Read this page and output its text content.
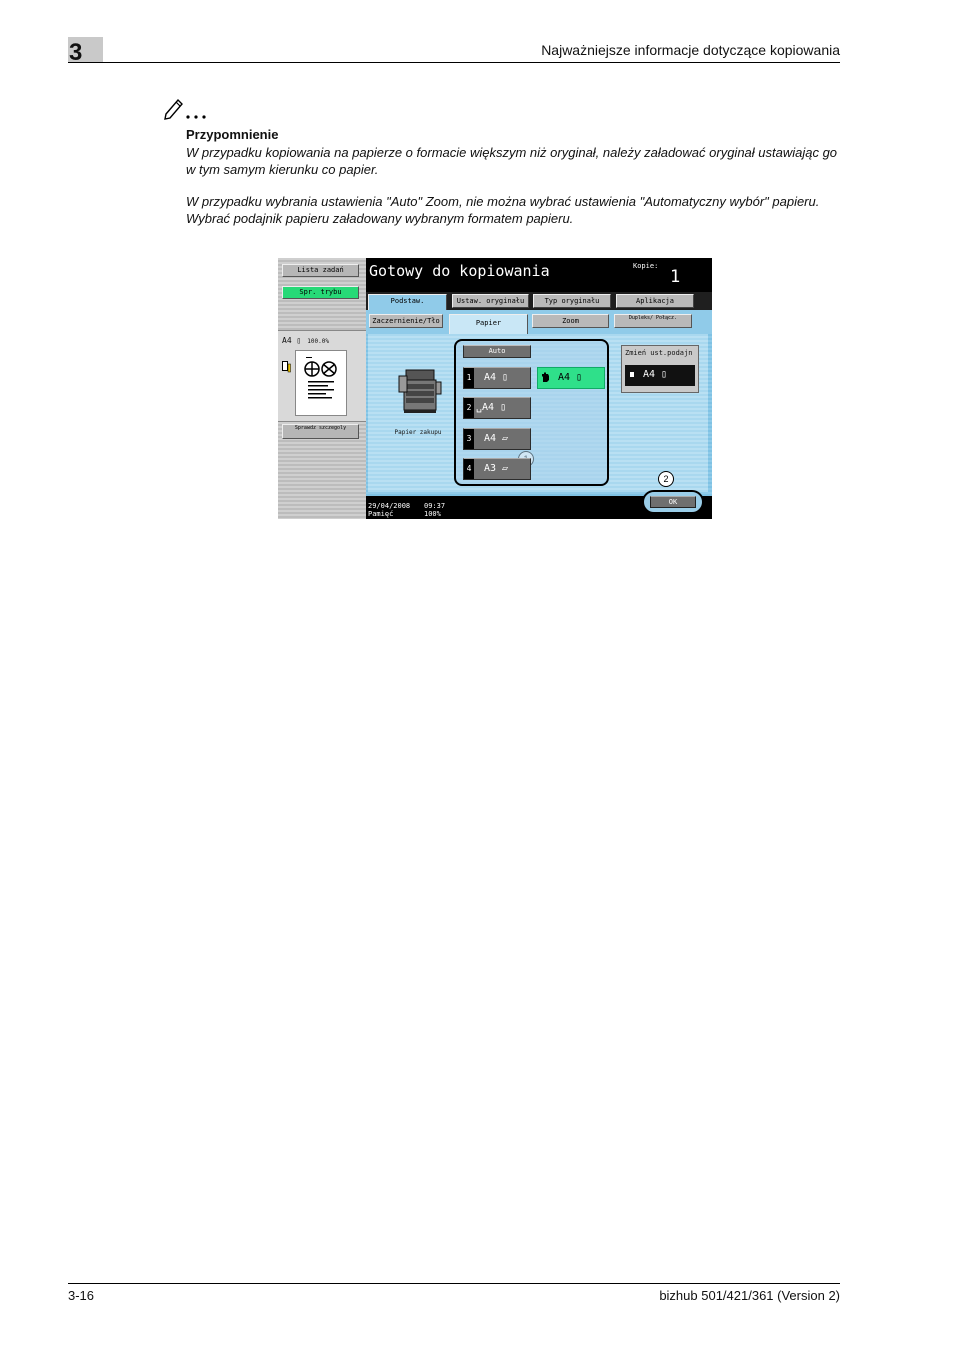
3	Najważniejsze informacje dotyczące kopiowania
Przypomnienie

W przypadku kopiowania na papierze o formacie większym niż oryginał, należy załadować oryginał ustawiając go w tym samym kierunku co papier.

W przypadku wybrania ustawienia "Auto" Zoom, nie można wybrać ustawienia "Automatyczny wybór" papieru. Wybrać podajnik papieru załadowany wybranym formatem papieru.

Lista zadań
Spr. trybu
A4 ▯ 100.0%
Sprawdz szczegoly
Gotowy do kopiowania	Kopie:
1
Podstaw.	Ustaw. oryginału	Typ oryginału	Aplikacja
Zaczernienie/Tło	Papier	Zoom	Dupleks/ Połącz.
Papier zakupu
Auto
1 A4 ▯
2 ␣A4 ▯
3 A4 ▱
4 A3 ▱
A4 ▯
Zmień ust.podajn
A4 ▯
2
29/04/2008 09:37
Pamięć	100%
OK
3-16	bizhub 501/421/361 (Version 2)
